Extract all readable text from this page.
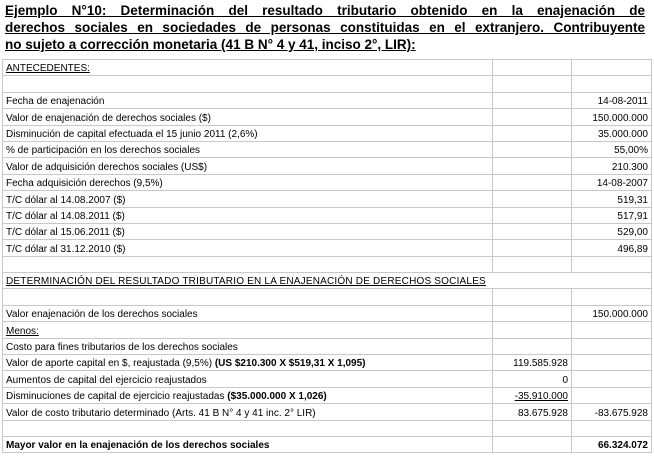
Ejemplo N°10: Determinación del resultado tributario obtenido en la enajenación de
derechos sociales en sociedades de personas constituidas en el extranjero. Contribuyente
no sujeto a corrección monetaria (41 B N° 4 y 41, inciso 2°, LIR):
ANTECEDENTES:		

Fecha de enajenación		14-08-2011
Valor de enajenación de derechos sociales ($)		150.000.000
Disminución de capital efectuada el 15 junio 2011 (2,6%)		35.000.000
% de participación en los derechos sociales		55,00%
Valor de adquisición derechos sociales (US$)		210.300
Fecha adquisición derechos (9,5%)		14-08-2007
T/C dólar al 14.08.2007 ($)		519,31
T/C dólar al 14.08.2011 ($)		517,91
T/C dólar al 15.06.2011 ($)		529,00
T/C dólar al 31.12.2010 ($)		496,89

DETERMINACIÓN DEL RESULTADO TRIBUTARIO EN LA ENAJENACIÓN DE DERECHOS SOCIALES		

Valor enajenación de los derechos sociales		150.000.000
Menos:		
Costo para fines tributarios de los derechos sociales		
Valor de aporte capital en $, reajustada (9,5%) (US $210.300 X $519,31 X 1,095)	119.585.928	
Aumentos de capital del ejercicio reajustados	0	
Disminuciones de capital de ejercicio reajustadas ($35.000.000 X 1,026)	-35.910.000	
Valor de costo tributario determinado (Arts. 41 B N° 4 y 41 inc. 2° LIR)	83.675.928	-83.675.928

Mayor valor en la enajenación de los derechos sociales		66.324.072
